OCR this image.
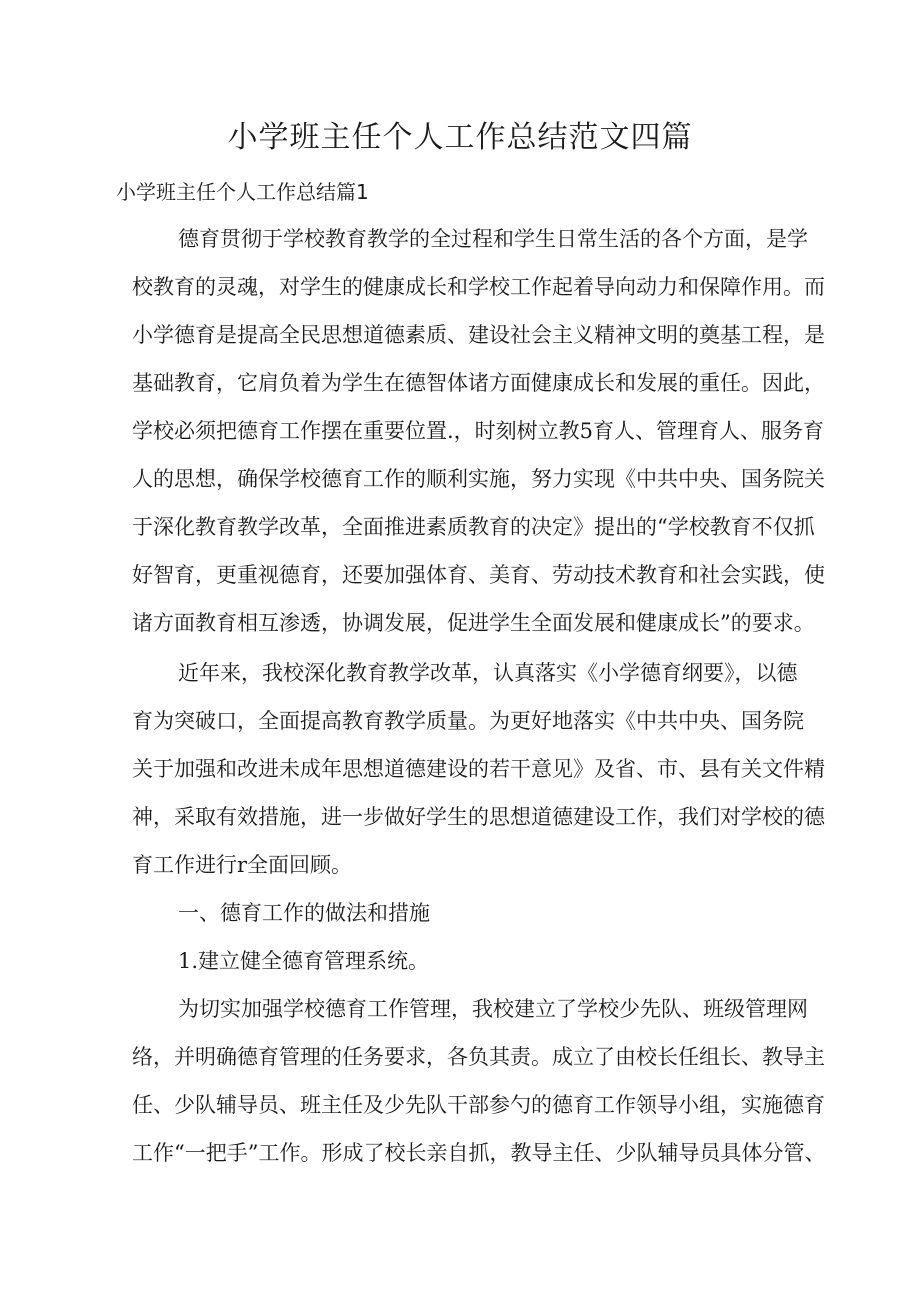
小学班主任个人工作总结范文四篇

小学班主任个人工作总结篇1

德育贯彻于学校教育教学的全过程和学生日常生活的各个方面，是学

校教育的灵魂，对学生的健康成长和学校工作起着导向动力和保障作用。而

小学德育是提高全民思想道德素质、建设社会主义精神文明的奠基工程，是

基础教育，它肩负着为学生在德智体诸方面健康成长和发展的重任。因此，

学校必须把德育工作摆在重要位置.，时刻树立教5育人、管理育人、服务育

人的思想，确保学校德育工作的顺利实施，努力实现《中共中央、国务院关

于深化教育教学改革，全面推进素质教育的决定》提出的“学校教育不仅抓

好智育，更重视德育，还要加强体育、美育、劳动技术教育和社会实践，使

诸方面教育相互渗透，协调发展，促进学生全面发展和健康成长”的要求。

近年来，我校深化教育教学改革，认真落实《小学德育纲要》，以德

育为突破口，全面提高教育教学质量。为更好地落实《中共中央、国务院

关于加强和改进未成年思想道德建设的若干意见》及省、市、县有关文件精

神，采取有效措施，进一步做好学生的思想道德建设工作，我们对学校的德

育工作进行r全面回顾。

一、德育工作的做法和措施

1.建立健全德育管理系统。

为切实加强学校德育工作管理，我校建立了学校少先队、班级管理网

络，并明确德育管理的任务要求，各负其责。成立了由校长任组长、教导主

任、少队辅导员、班主任及少先队干部参勺的德育工作领导小组，实施德育

工作“一把手”工作。形成了校长亲自抓，教导主任、少队辅导员具体分管、
